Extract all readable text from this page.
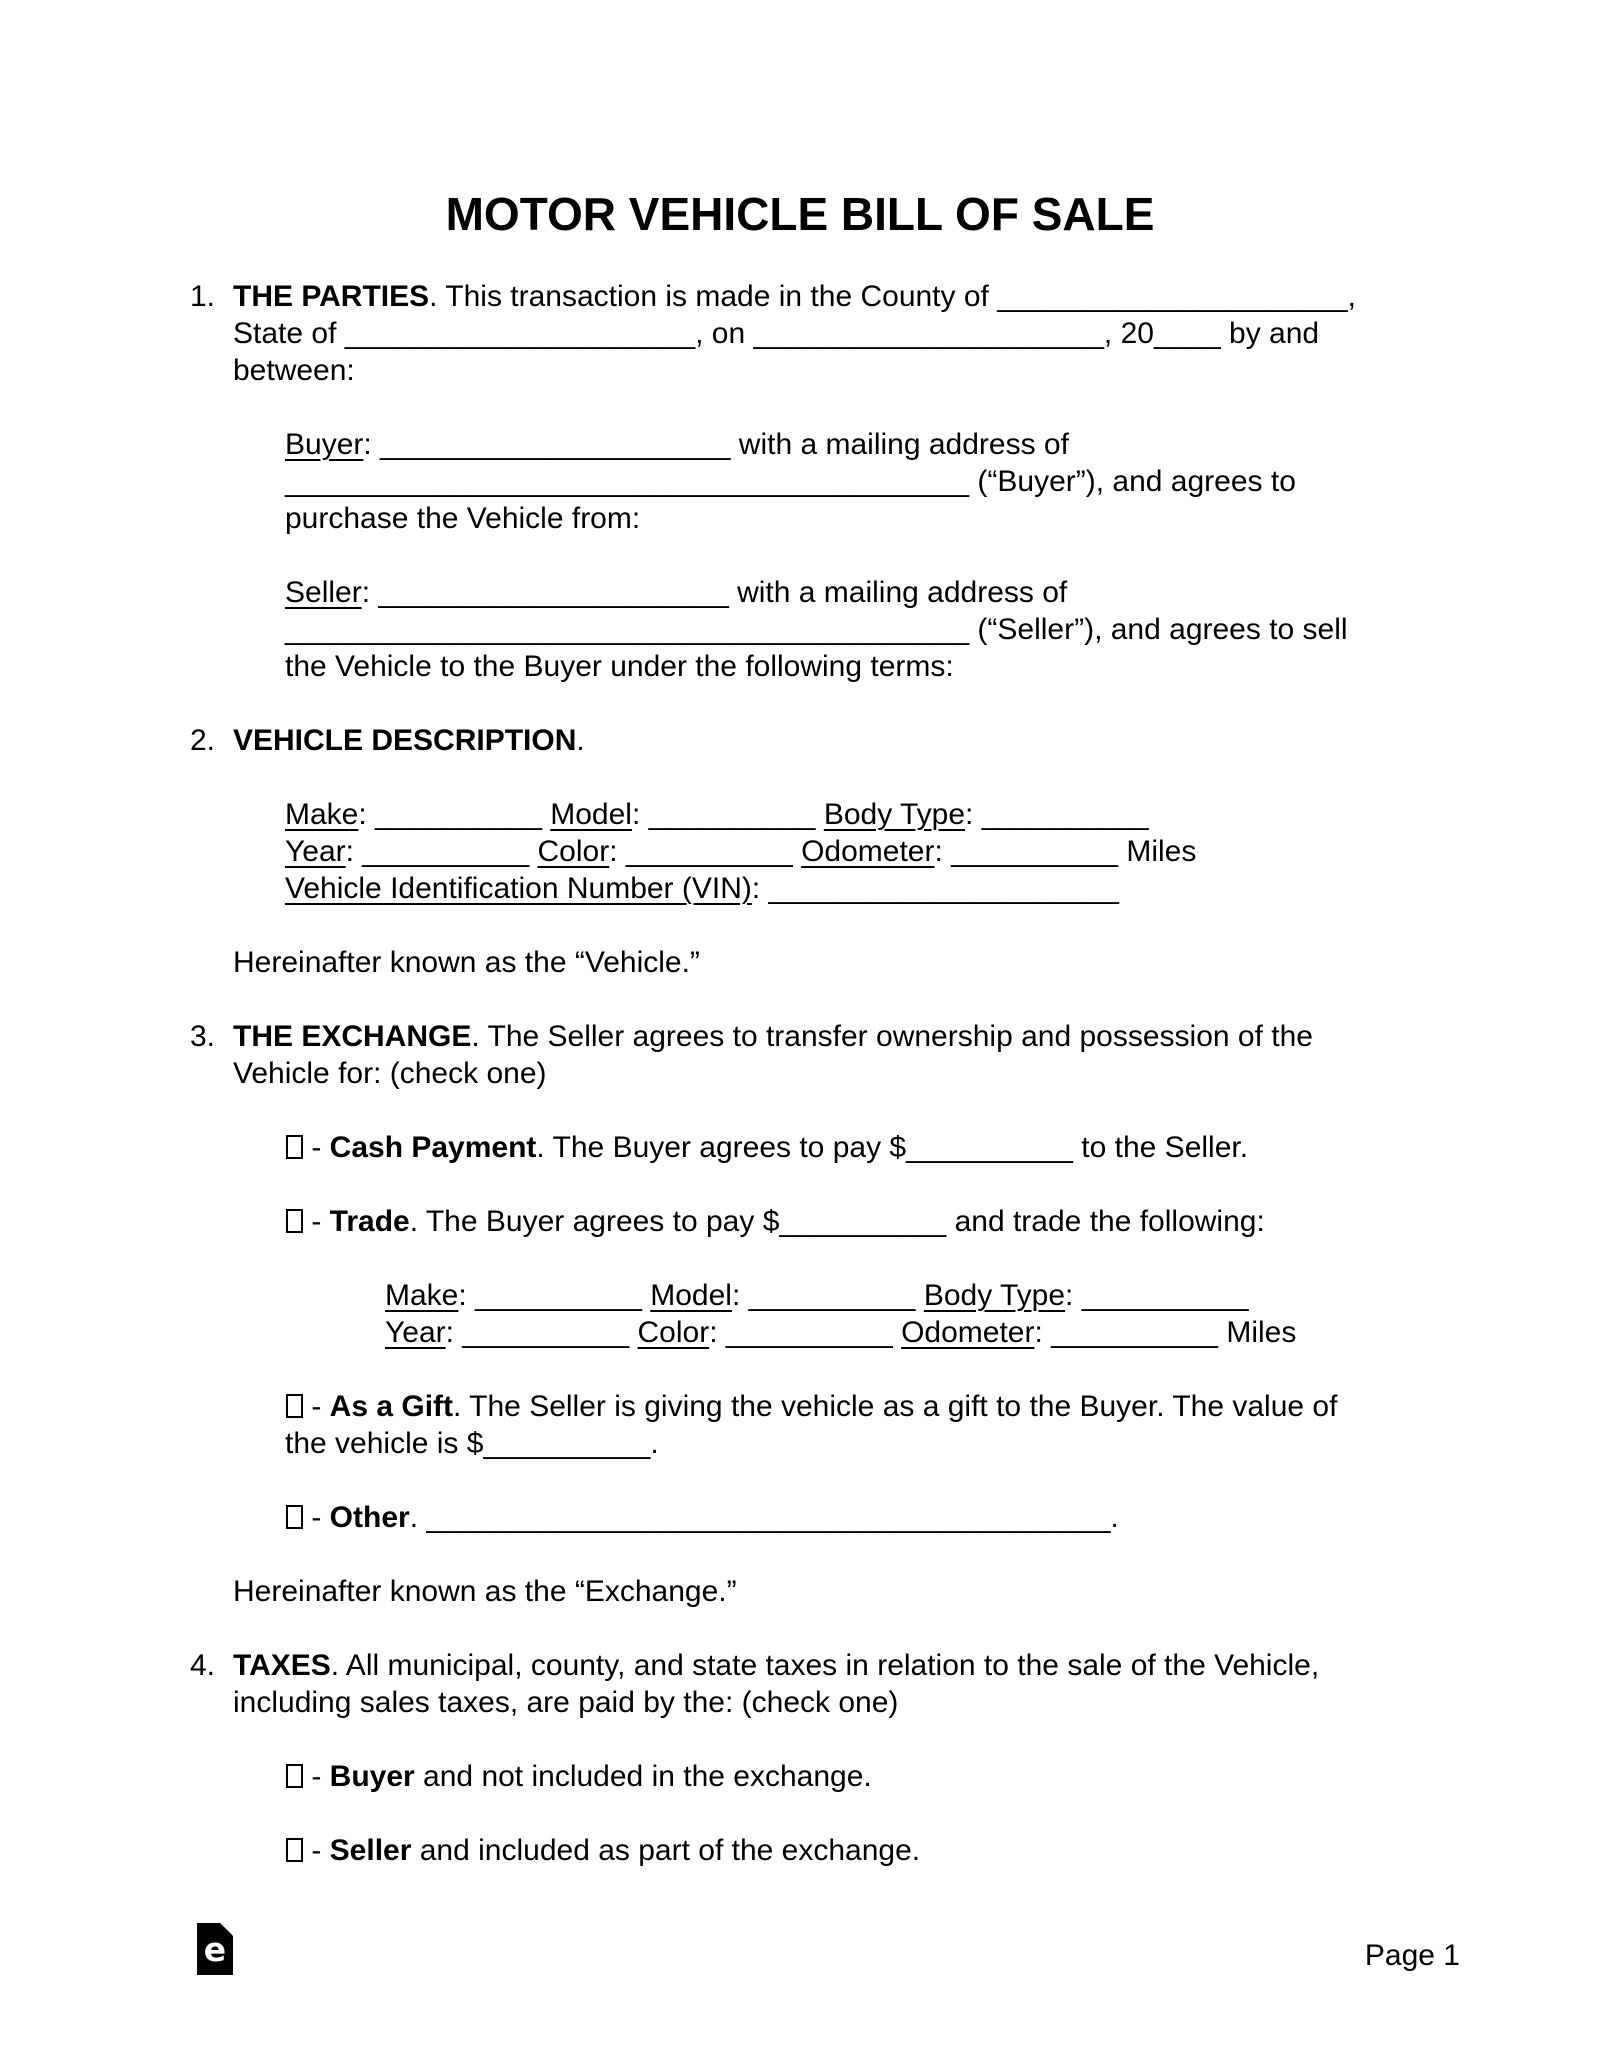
MOTOR VEHICLE BILL OF SALE
1. THE PARTIES. This transaction is made in the County of _____________________,
State of _____________________, on _____________________, 20____ by and
between:
Buyer: _____________________ with a mailing address of
_________________________________________ (“Buyer”), and agrees to
purchase the Vehicle from:
Seller: _____________________ with a mailing address of
_________________________________________ (“Seller”), and agrees to sell
the Vehicle to the Buyer under the following terms:
2. VEHICLE DESCRIPTION.
Make: __________ Model: __________ Body Type: __________
Year: __________ Color: __________ Odometer: __________ Miles
Vehicle Identification Number (VIN): _____________________
Hereinafter known as the “Vehicle.”
3. THE EXCHANGE. The Seller agrees to transfer ownership and possession of the
Vehicle for: (check one)
- Cash Payment. The Buyer agrees to pay $__________ to the Seller.
- Trade. The Buyer agrees to pay $__________ and trade the following:
Make: __________ Model: __________ Body Type: __________
Year: __________ Color: __________ Odometer: __________ Miles
- As a Gift. The Seller is giving the vehicle as a gift to the Buyer. The value of
the vehicle is $__________.
- Other. _________________________________________.
Hereinafter known as the “Exchange.”
4. TAXES. All municipal, county, and state taxes in relation to the sale of the Vehicle,
including sales taxes, are paid by the: (check one)
- Buyer and not included in the exchange.
- Seller and included as part of the exchange.
e	Page 1
